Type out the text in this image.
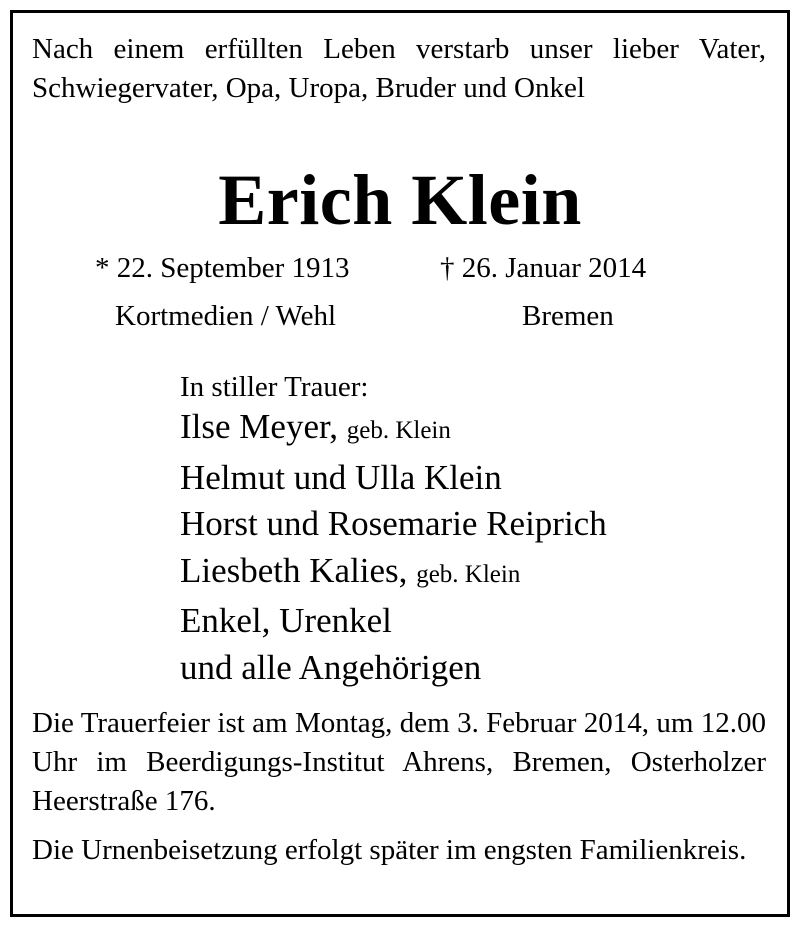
Nach einem erfüllten Leben verstarb unser lieber Vater, Schwiegervater, Opa, Uropa, Bruder und Onkel
Erich Klein
* 22. September 1913	† 26. Januar 2014
Kortmedien / Wehl	Bremen
In stiller Trauer:
Ilse Meyer, geb. Klein
Helmut und Ulla Klein
Horst und Rosemarie Reiprich
Liesbeth Kalies, geb. Klein
Enkel, Urenkel
und alle Angehörigen
Die Trauerfeier ist am Montag, dem 3. Februar 2014, um 12.00 Uhr im Beerdigungs-Institut Ahrens, Bremen, Osterholzer Heerstraße 176.
Die Urnenbeisetzung erfolgt später im engsten Familienkreis.
